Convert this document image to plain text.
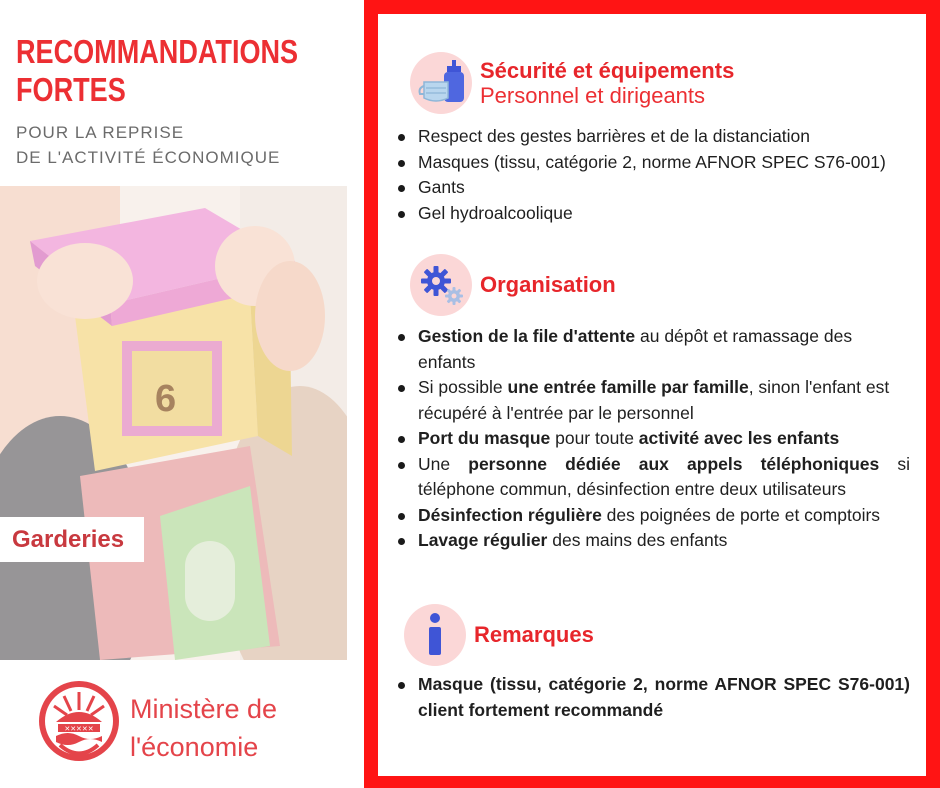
RECOMMANDATIONS
FORTES
POUR LA REPRISE
DE L'ACTIVITÉ ÉCONOMIQUE
6
Garderies
✕✕✕✕✕
Ministère de
l'économie
Sécurité et équipements
Personnel et dirigeants
Respect des gestes barrières et de la distanciation
Masques (tissu, catégorie 2, norme AFNOR SPEC S76-001)
Gants
Gel hydroalcoolique
Organisation
Gestion de la file d'attente au dépôt et ramassage des enfants
Si possible une entrée famille par famille, sinon l'enfant est récupéré à l'entrée par le personnel
Port du masque pour toute activité avec les enfants
Une personne dédiée aux appels téléphoniques si téléphone commun, désinfection entre deux utilisateurs
Désinfection régulière des poignées de porte et comptoirs
Lavage régulier des mains des enfants
Remarques
Masque (tissu, catégorie 2, norme AFNOR SPEC S76-001) client fortement recommandé
